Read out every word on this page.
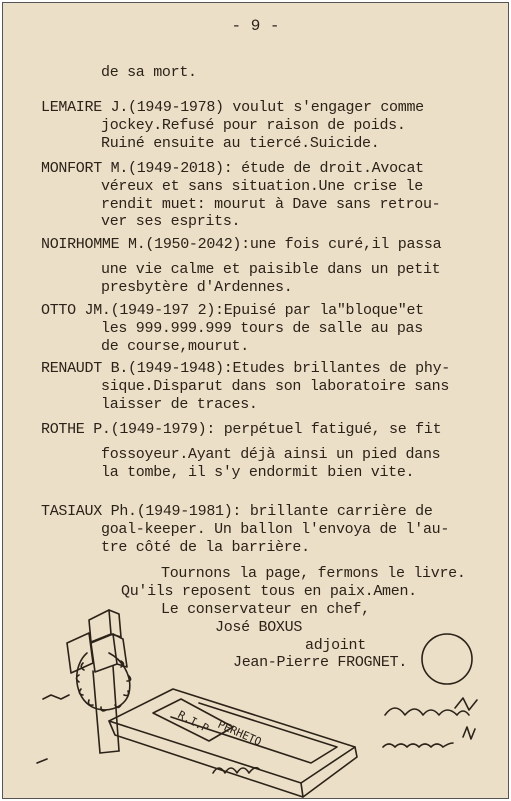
- 9 -
de sa mort.
LEMAIRE J.(1949-1978) voulut s'engager comme
jockey.Refusé pour raison de poids.
Ruiné ensuite au tiercé.Suicide.
MONFORT M.(1949-2018): étude de droit.Avocat
véreux et sans situation.Une crise le
rendit muet: mourut à Dave sans retrou-
ver ses esprits.
NOIRHOMME M.(1950-2042):une fois curé,il passa
une vie calme et paisible dans un petit
presbytère d'Ardennes.
OTTO JM.(1949-197 2):Epuisé par la"bloque"et
les 999.999.999 tours de salle au pas
de course,mourut.
RENAUDT B.(1949-1948):Etudes brillantes de phy-
sique.Disparut dans son laboratoire sans
laisser de traces.
ROTHE P.(1949-1979): perpétuel fatigué, se fit
fossoyeur.Ayant déjà ainsi un pied dans
la tombe, il s'y endormit bien vite.
TASIAUX Ph.(1949-1981): brillante carrière de
goal-keeper. Un ballon l'envoya de l'au-
tre côté de la barrière.
Tournons la page, fermons le livre.
Qu'ils reposent tous en paix.Amen.
Le conservateur en chef,
José BOXUS
adjoint
Jean-Pierre FROGNET.
R.I.P PERHETO
